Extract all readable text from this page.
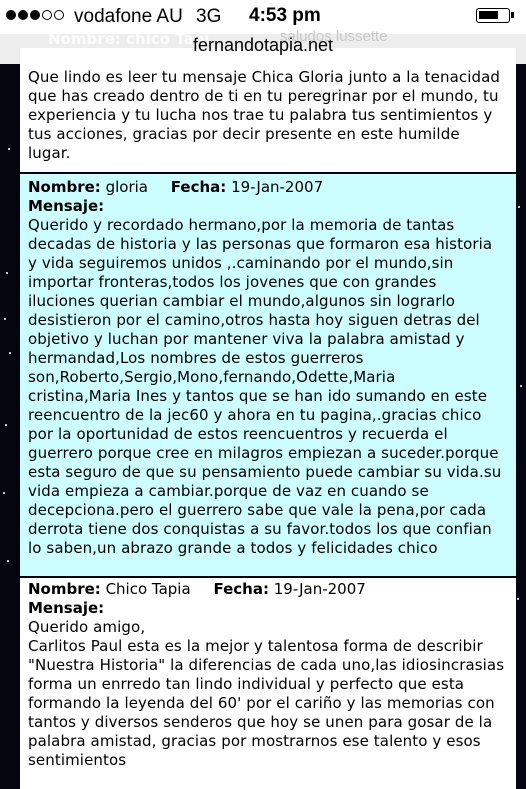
vodafone AU 3G 4:53 pm
saludos lussette
fernandotapia.net

Que lindo es leer tu mensaje Chica Gloria junto a la tenacidad

que has creado dentro de ti en tu peregrinar por el mundo, tu

experiencia y tu lucha nos trae tu palabra tus sentimientos y

tus acciones, gracias por decir presente en este humilde

lugar.

Nombre: gloria Fecha: 19-Jan-2007
Mensaje:

Querido y recordado hermano,por la memoria de tantas

decadas de historia y las personas que formaron esa historia

y vida seguiremos unidos ,.caminando por el mundo,sin

importar fronteras,todos los jovenes que con grandes

iluciones querian cambiar el mundo,algunos sin lograrlo

desistieron por el camino,otros hasta hoy siguen detras del

objetivo y luchan por mantener viva la palabra amistad y

hermandad,Los nombres de estos guerreros

son,Roberto,Sergio,Mono,fernando,Odette,Maria

cristina,Maria Ines y tantos que se han ido sumando en este

reencuentro de la jec60 y ahora en tu pagina,.gracias chico

por la oportunidad de estos reencuentros y recuerda el

guerrero porque cree en milagros empiezan a suceder.porque

esta seguro de que su pensamiento puede cambiar su vida.su

vida empieza a cambiar.porque de vaz en cuando se

decepciona.pero el guerrero sabe que vale la pena,por cada

derrota tiene dos conquistas a su favor.todos los que confian

lo saben,un abrazo grande a todos y felicidades chico

Nombre: Chico Tapia Fecha: 19-Jan-2007
Mensaje:

Querido amigo,

Carlitos Paul esta es la mejor y talentosa forma de describir

"Nuestra Historia" la diferencias de cada uno,las idiosincrasias

forma un enrredo tan lindo individual y perfecto que esta

formando la leyenda del 60' por el cariño y las memorias con

tantos y diversos senderos que hoy se unen para gosar de la

palabra amistad, gracias por mostrarnos ese talento y esos

sentimientos
